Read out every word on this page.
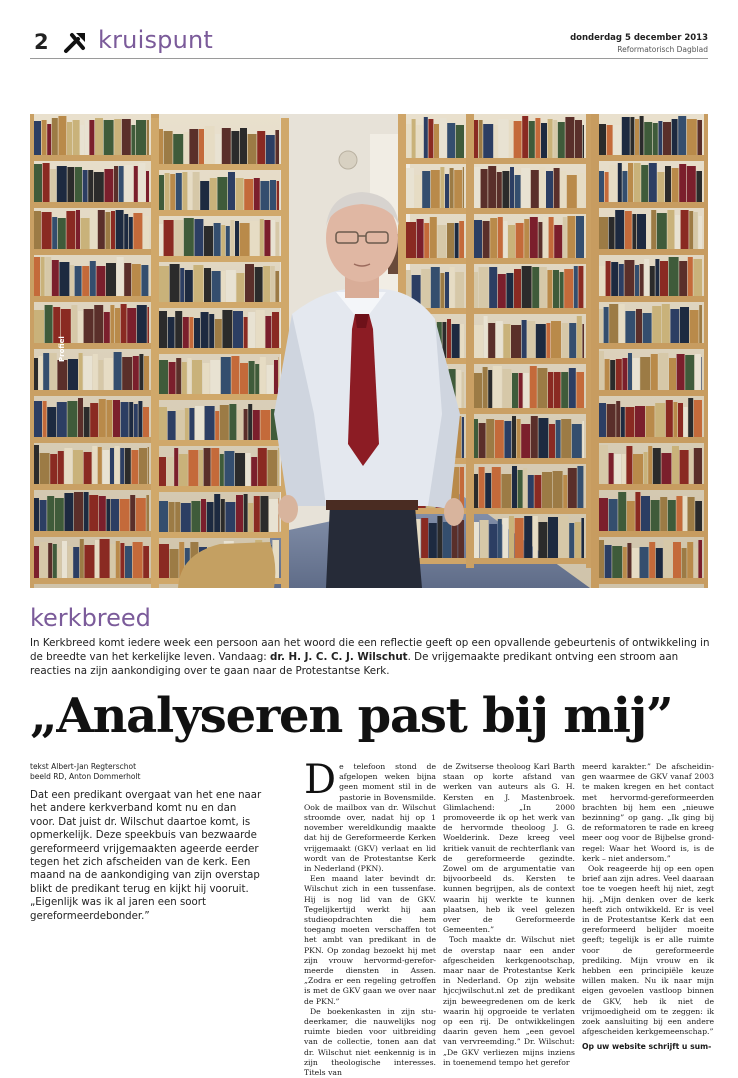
2 kruispunt	donderdag 5 december 2013
Reformatorisch Dagblad
Profiel
kerkbreed
In Kerkbreed komt iedere week een persoon aan het woord die een reflectie geeft op een opvallende gebeurtenis of ontwikkeling in de breedte van het kerkelijke leven. Vandaag: dr. H. J. C. C. J. Wilschut. De vrijgemaakte predikant ontving een stroom aan reacties na zijn aankondiging over te gaan naar de Protestantse Kerk.
„Analyseren past bij mij”
tekst Albert-Jan Regterschot
beeld RD, Anton Dommerholt
Dat een predikant overgaat van het ene naar het andere kerkverband komt nu en dan voor. Dat juist dr. Wilschut daartoe komt, is opmerkelijk. Deze speekbuis van bezwaarde gereformeerd vrijgemaakten ageerde eerder tegen het zich afscheiden van de kerk. Een maand na de aankondiging van zijn overstap blikt de predikant terug en kijkt hij vooruit. „Eigenlijk was ik al jaren een soort gereformeerdebonder.”
D e telefoon stond de afgelopen weken bijna geen moment stil in de pastorie in Bovensmilde. Ook de mailbox van dr. Wilschut stroomde over, nadat hij op 1 november wereldkundig maakte dat hij de Gereformeerde Kerken vrijgemaakt (GKV) verlaat en lid wordt van de Protestantse Kerk in Nederland (PKN).

Een maand later bevindt dr. Wilschut zich in een tussenfase. Hij is nog lid van de GKV. Tegelijkertijd werkt hij aan studieopdrachten die hem toegang moeten verschaffen tot het ambt van predikant in de PKN. Op zondag bezoekt hij met zijn vrouw hervormd-gereformeerde diensten in Assen. „Zodra er een regeling getroffen is met de GKV gaan we over naar de PKN.”

De boekenkasten in zijn studeerkamer, die nauwelijks nog ruimte bieden voor uitbreiding van de collectie, tonen aan dat dr. Wilschut niet eenkennig is in zijn theologische interesses. Titels van

de Zwitserse theoloog Karl Barth staan op korte afstand van werken van auteurs als G. H. Kersten en J. Mastenbroek. Glimlachend: „In 2000 promoveerde ik op het werk van de hervormde theoloog J. G. Woelderink. Deze kreeg veel kritiek vanuit de rechterflank van de gereformeerde gezindte. Zowel om de argumentatie van bijvoorbeeld ds. Kersten te kunnen begrijpen, als de context waarin hij werkte te kunnen plaatsen, heb ik veel gelezen over de Gereformeerde Gemeenten.”

Toch maakte dr. Wilschut niet de overstap naar een ander afgescheiden kerkgenootschap, maar naar de Protestantse Kerk in Nederland. Op zijn website hjccjwilschut.nl zet de predikant zijn beweegredenen om de kerk waarin hij opgroeide te verlaten op een rij. De ontwikkelingen daarin geven hem „een gevoel van vervreemding.” Dr. Wilschut: „De GKV verliezen mijns inziens in toenemend tempo het gerefor

meerd karakter.” De afscheidingen waarmee de GKV vanaf 2003 te maken kregen en het contact met hervormd-gereformeerden brachten bij hem een „nieuwe bezinning” op gang. „Ik ging bij de reformatoren te rade en kreeg meer oog voor de Bijbelse grondregel: Waar het Woord is, is de kerk – niet andersom.”

Ook reageerde hij op een open brief aan zijn adres. Veel daaraan toe te voegen heeft hij niet, zegt hij. „Mijn denken over de kerk heeft zich ontwikkeld. Er is veel in de Protestantse Kerk dat een gereformeerd belijder moeite geeft; tegelijk is er alle ruimte voor de gereformeerde prediking. Mijn vrouw en ik hebben een principiële keuze willen maken. Nu ik naar mijn eigen gevoelen vastloop binnen de GKV, heb ik niet de vrijmoedigheid om te zeggen: ik zoek aansluiting bij een andere afgescheiden kerkgemeenschap.”

Op uw website schrijft u sum-
